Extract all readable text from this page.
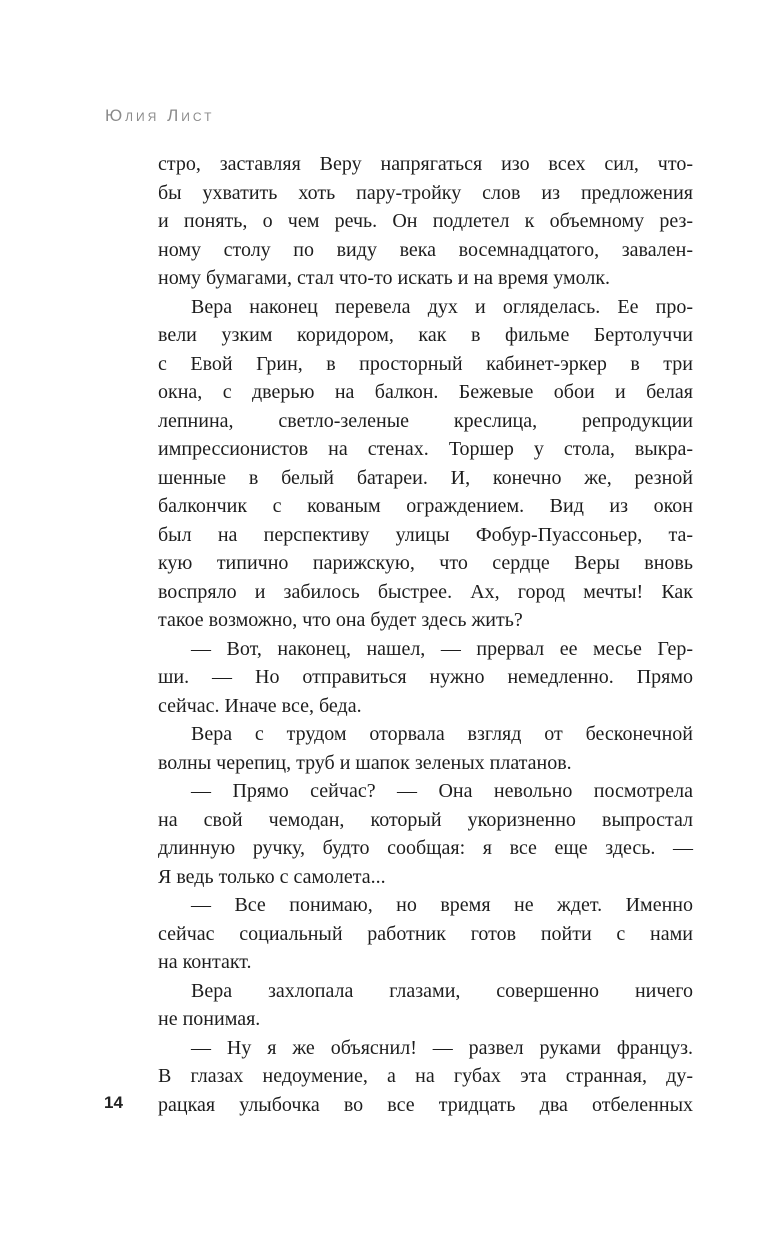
Юлия Лист

стро, заставляя Веру напрягаться изо всех сил, что-
бы ухватить хоть пару-тройку слов из предложения
и понять, о чем речь. Он подлетел к объемному рез-
ному столу по виду века восемнадцатого, завален-
ному бумагами, стал что-то искать и на время умолк.

Вера наконец перевела дух и огляделась. Ее про-
вели узким коридором, как в фильме Бертолуччи
с Евой Грин, в просторный кабинет-эркер в три
окна, с дверью на балкон. Бежевые обои и белая
лепнина, светло-зеленые креслица, репродукции
импрессионистов на стенах. Торшер у стола, выкра-
шенные в белый батареи. И, конечно же, резной
балкончик с кованым ограждением. Вид из окон
был на перспективу улицы Фобур-Пуассоньер, та-
кую типично парижскую, что сердце Веры вновь
воспряло и забилось быстрее. Ах, город мечты! Как
такое возможно, что она будет здесь жить?

— Вот, наконец, нашел, — прервал ее месье Гер-
ши. — Но отправиться нужно немедленно. Прямо
сейчас. Иначе все, беда.

Вера с трудом оторвала взгляд от бесконечной
волны черепиц, труб и шапок зеленых платанов.

— Прямо сейчас? — Она невольно посмотрела
на свой чемодан, который укоризненно выпростал
длинную ручку, будто сообщая: я все еще здесь. —
Я ведь только с самолета...

— Все понимаю, но время не ждет. Именно
сейчас социальный работник готов пойти с нами
на контакт.

Вера захлопала глазами, совершенно ничего
не понимая.

— Ну я же объяснил! — развел руками француз.
В глазах недоумение, а на губах эта странная, ду-
рацкая улыбочка во все тридцать два отбеленных

14
